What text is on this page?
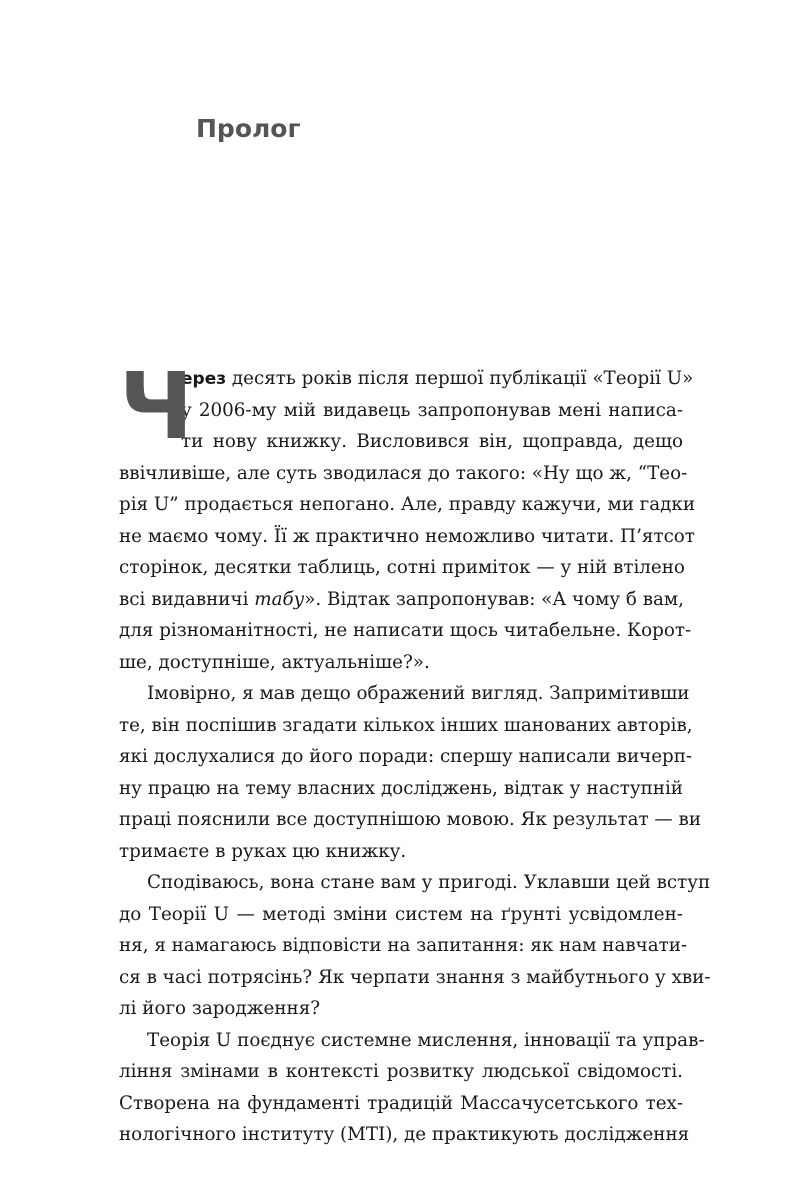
Пролог
Ч
ерез десять років після першої публікації «Теорії U»
у 2006-му мій видавець запропонував мені написа-
ти нову книжку. Висловився він, щоправда, дещо
ввічливіше, але суть зводилася до такого: «Ну що ж, “Тео-
рія U” продається непогано. Але, правду кажучи, ми гадки
не маємо чому. Її ж практично неможливо читати. П’ятсот
сторінок, десятки таблиць, сотні приміток — у ній втілено
всі видавничі табу». Відтак запропонував: «А чому б вам,
для різноманітності, не написати щось читабельне. Корот-
ше, доступніше, актуальніше?».
Імовірно, я мав дещо ображений вигляд. Запримітивши
те, він поспішив згадати кількох інших шанованих авторів,
які дослухалися до його поради: спершу написали вичерп-
ну працю на тему власних досліджень, відтак у наступній
праці пояснили все доступнішою мовою. Як результат — ви
тримаєте в руках цю книжку.
Сподіваюсь, вона стане вам у пригоді. Уклавши цей вступ
до Теорії U — методі зміни систем на ґрунті усвідомлен-
ня, я намагаюсь відповісти на запитання: як нам навчати-
ся в часі потрясінь? Як черпати знання з майбутнього у хви-
лі його зародження?
Теорія U поєднує системне мислення, інновації та управ-
ління змінами в контексті розвитку людської свідомості.
Створена на фундаменті традицій Массачусетського тех-
нологічного інституту (MTI), де практикують дослідження
